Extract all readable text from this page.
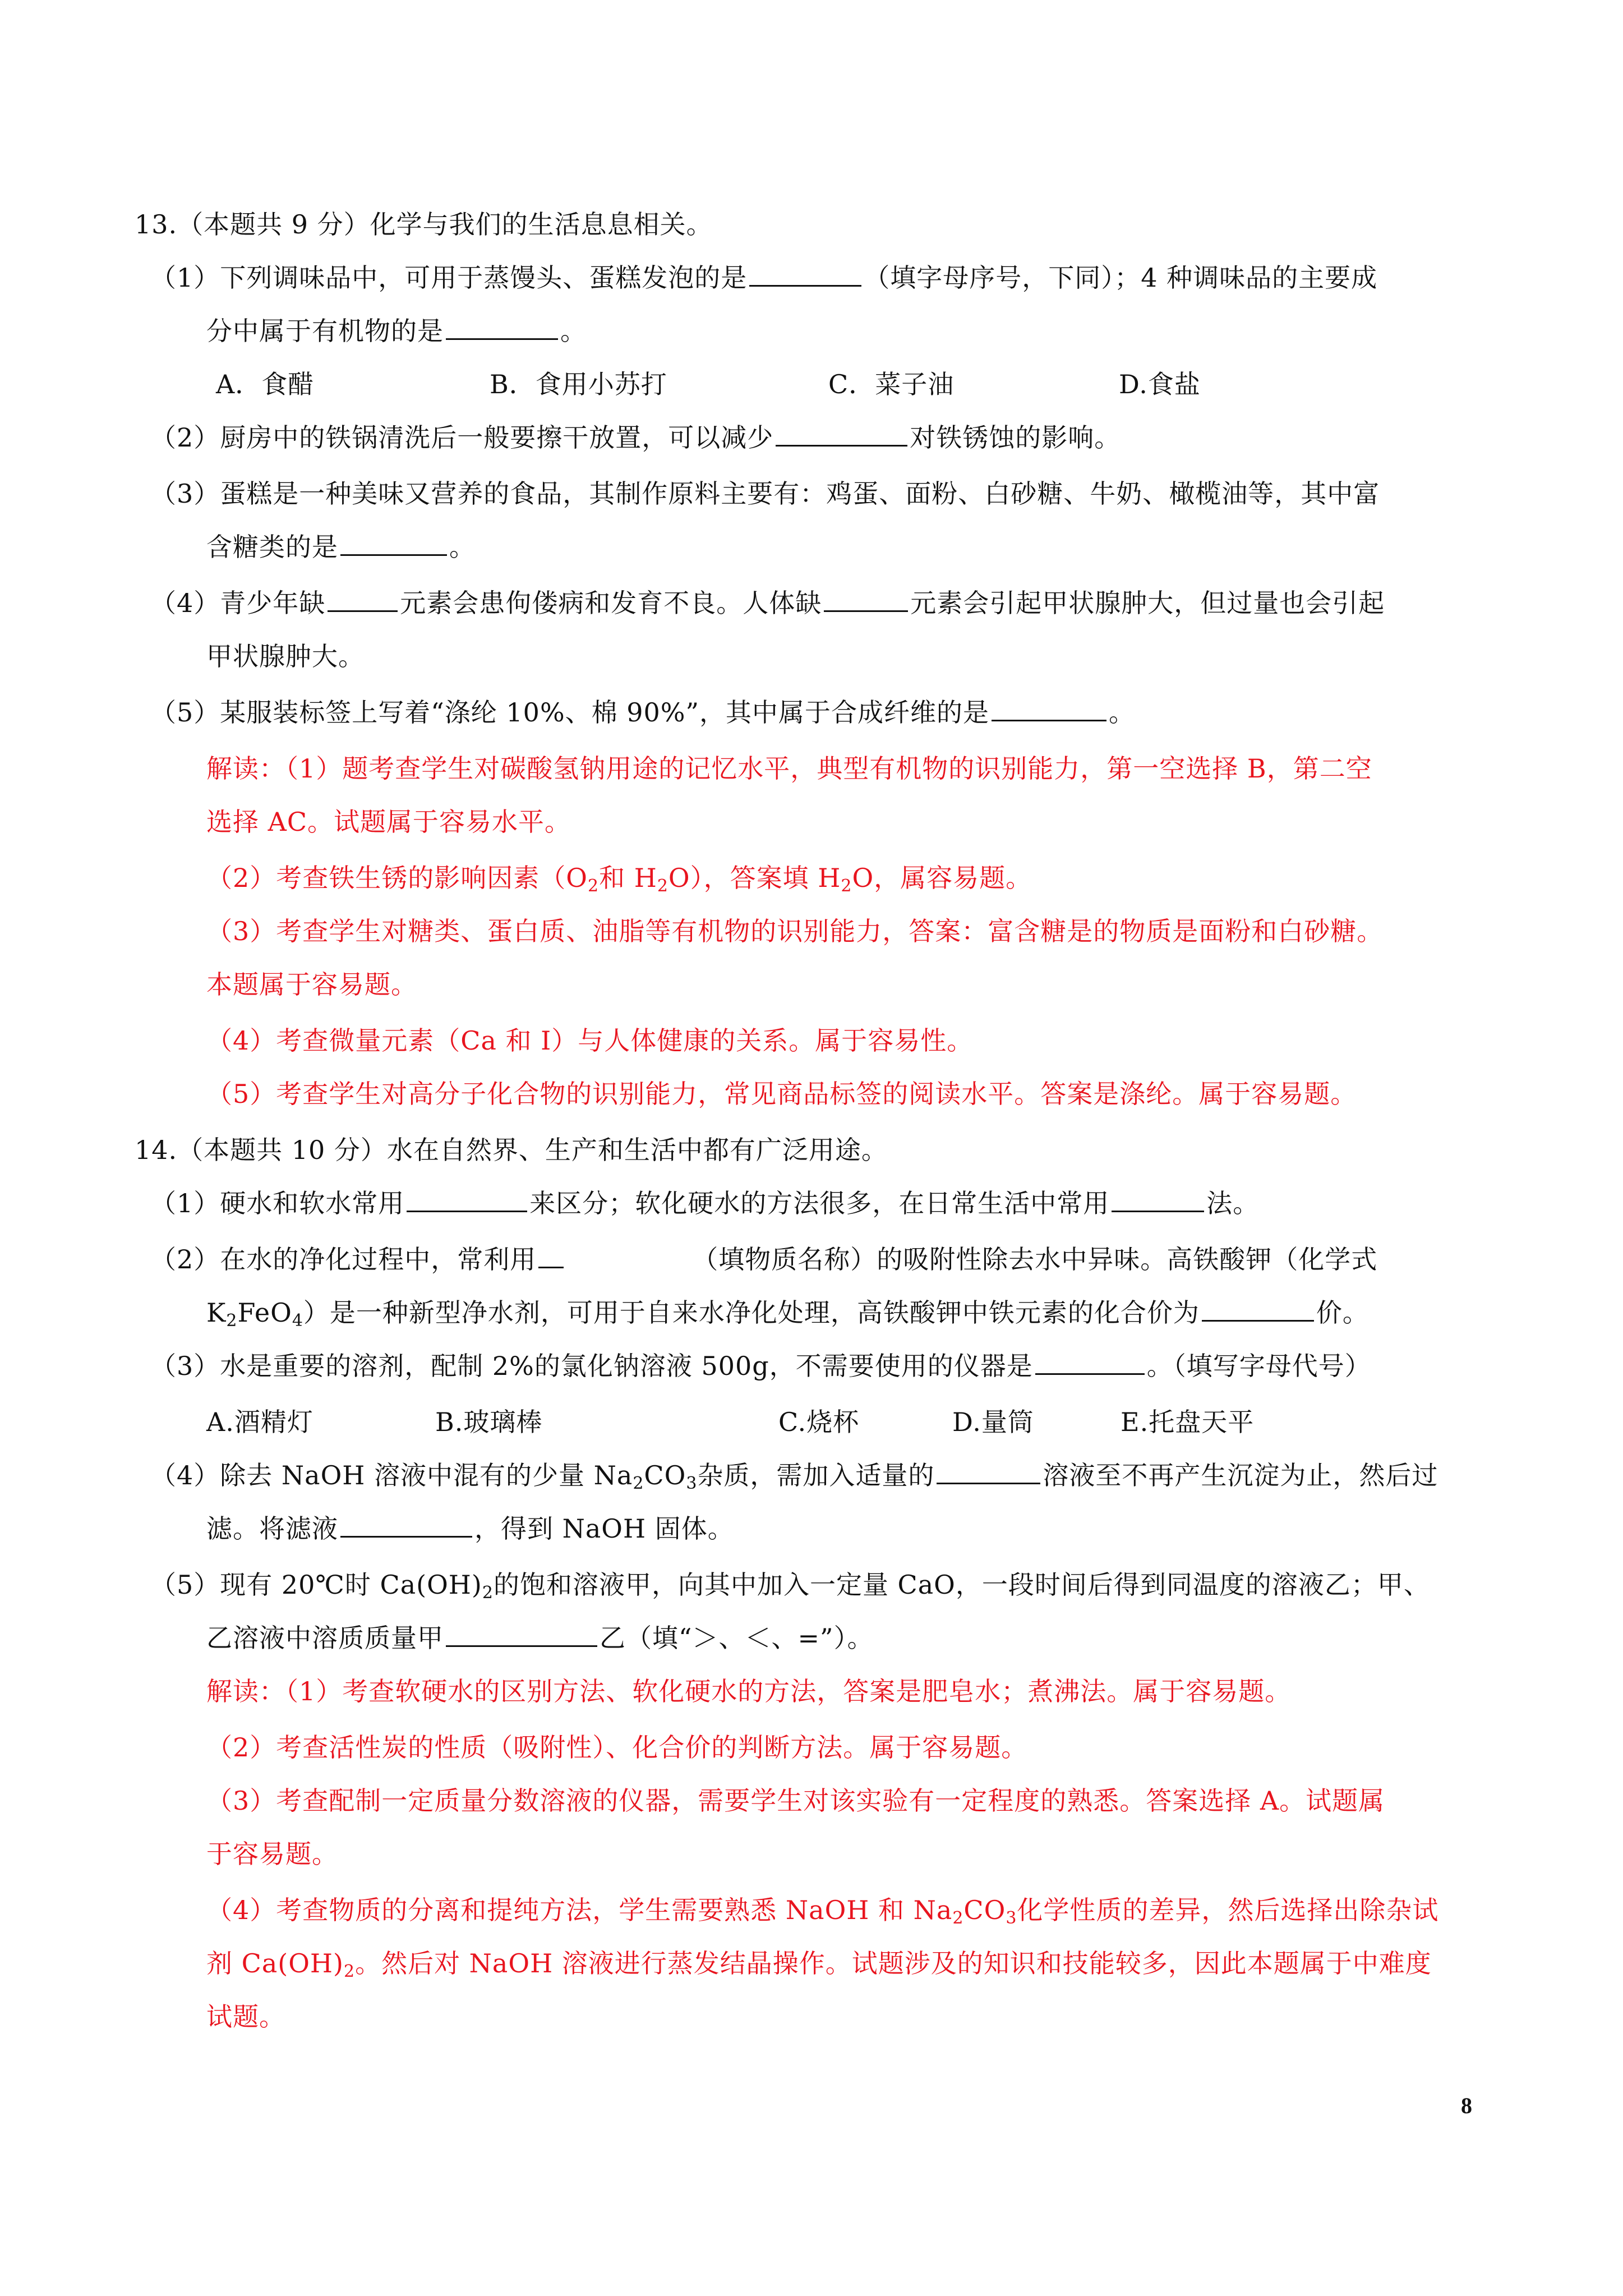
13.（本题共 9 分）化学与我们的生活息息相关。
（1）下列调味品中，可用于蒸馒头、蛋糕发泡的是	（填字母序号，下同）；4 种调味品的主要成
分中属于有机物的是	。
A．食醋	B．食用小苏打	C．菜子油	D.食盐
（2）厨房中的铁锅清洗后一般要擦干放置，可以减少	对铁锈蚀的影响。
（3）蛋糕是一种美味又营养的食品，其制作原料主要有：鸡蛋、面粉、白砂糖、牛奶、橄榄油等，其中富
含糖类的是	。
（4）青少年缺	元素会患佝偻病和发育不良。人体缺	元素会引起甲状腺肿大，但过量也会引起
甲状腺肿大。
（5）某服装标签上写着“涤纶 10%、棉 90%”，其中属于合成纤维的是	。
解读：（1）题考查学生对碳酸氢钠用途的记忆水平，典型有机物的识别能力，第一空选择 B，第二空
选择 AC。试题属于容易水平。
（2）考查铁生锈的影响因素（$O_2$和 $H_2O$），答案填 $H_2O$，属容易题。
（3）考查学生对糖类、蛋白质、油脂等有机物的识别能力，答案：富含糖是的物质是面粉和白砂糖。
本题属于容易题。
（4）考查微量元素（Ca 和 I）与人体健康的关系。属于容易性。
（5）考查学生对高分子化合物的识别能力，常见商品标签的阅读水平。答案是涤纶。属于容易题。
14.（本题共 10 分）水在自然界、生产和生活中都有广泛用途。
（1）硬水和软水常用	来区分；软化硬水的方法很多，在日常生活中常用	法。
（2）在水的净化过程中，常利用	（填物质名称）的吸附性除去水中异味。高铁酸钾（化学式
$K_2FeO_4$）是一种新型净水剂，可用于自来水净化处理，高铁酸钾中铁元素的化合价为	价。
（3）水是重要的溶剂，配制 2%的氯化钠溶液 500g，不需要使用的仪器是	。（填写字母代号）
A.酒精灯	B.玻璃棒	C.烧杯	D.量筒	E.托盘天平
（4）除去 NaOH 溶液中混有的少量 $Na_2CO_3$杂质，需加入适量的	溶液至不再产生沉淀为止，然后过
滤。将滤液	，得到 NaOH 固体。
（5）现有 20℃时 $Ca(OH)_2$的饱和溶液甲，向其中加入一定量 CaO，一段时间后得到同温度的溶液乙；甲、
乙溶液中溶质质量甲	乙（填“＞、＜、=”）。
解读：（1）考查软硬水的区别方法、软化硬水的方法，答案是肥皂水；煮沸法。属于容易题。
（2）考查活性炭的性质（吸附性）、化合价的判断方法。属于容易题。
（3）考查配制一定质量分数溶液的仪器，需要学生对该实验有一定程度的熟悉。答案选择 A。试题属
于容易题。
（4）考查物质的分离和提纯方法，学生需要熟悉 NaOH 和 $Na_2CO_3$化学性质的差异，然后选择出除杂试
剂 $Ca(OH)_2$。然后对 NaOH 溶液进行蒸发结晶操作。试题涉及的知识和技能较多，因此本题属于中难度
试题。
8
